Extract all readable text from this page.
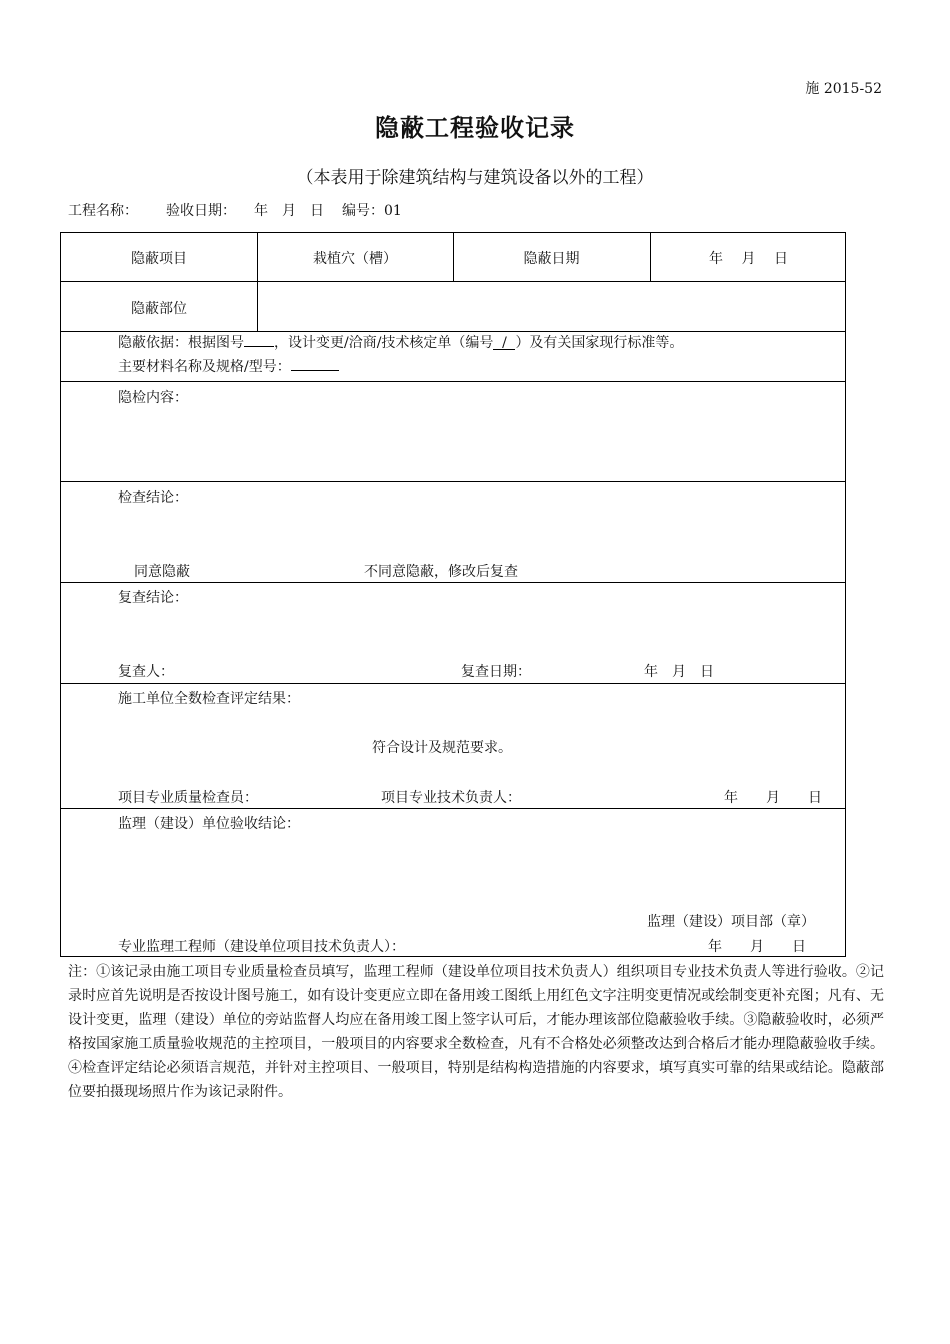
施 2015-52
隐蔽工程验收记录
（本表用于除建筑结构与建筑设备以外的工程）
工程名称： 验收日期： 年　月　日 编号：01
隐蔽项目	栽植穴（槽）	隐蔽日期	年　 月　 日
隐蔽部位
隐蔽依据：根据图号 ，设计变更/洽商/技术核定单（编号 / ）及有关国家现行标准等。
主要材料名称及规格/型号：
隐检内容：
检查结论：
同意隐蔽	不同意隐蔽，修改后复查
复查结论：
复查人：	复查日期：	年　月　日
施工单位全数检查评定结果：
符合设计及规范要求。
项目专业质量检查员：	项目专业技术负责人：	年　　月　　日
监理（建设）单位验收结论：
监理（建设）项目部（章）
专业监理工程师（建设单位项目技术负责人）：	年　　月　　日
注：①该记录由施工项目专业质量检查员填写，监理工程师（建设单位项目技术负责人）组织项目专业技术负责人等进行验收。②记录时应首先说明是否按设计图号施工，如有设计变更应立即在备用竣工图纸上用红色文字注明变更情况或绘制变更补充图；凡有、无设计变更，监理（建设）单位的旁站监督人均应在备用竣工图上签字认可后，才能办理该部位隐蔽验收手续。③隐蔽验收时，必须严格按国家施工质量验收规范的主控项目，一般项目的内容要求全数检查，凡有不合格处必须整改达到合格后才能办理隐蔽验收手续。④检查评定结论必须语言规范，并针对主控项目、一般项目，特别是结构构造措施的内容要求，填写真实可靠的结果或结论。隐蔽部位要拍摄现场照片作为该记录附件。
